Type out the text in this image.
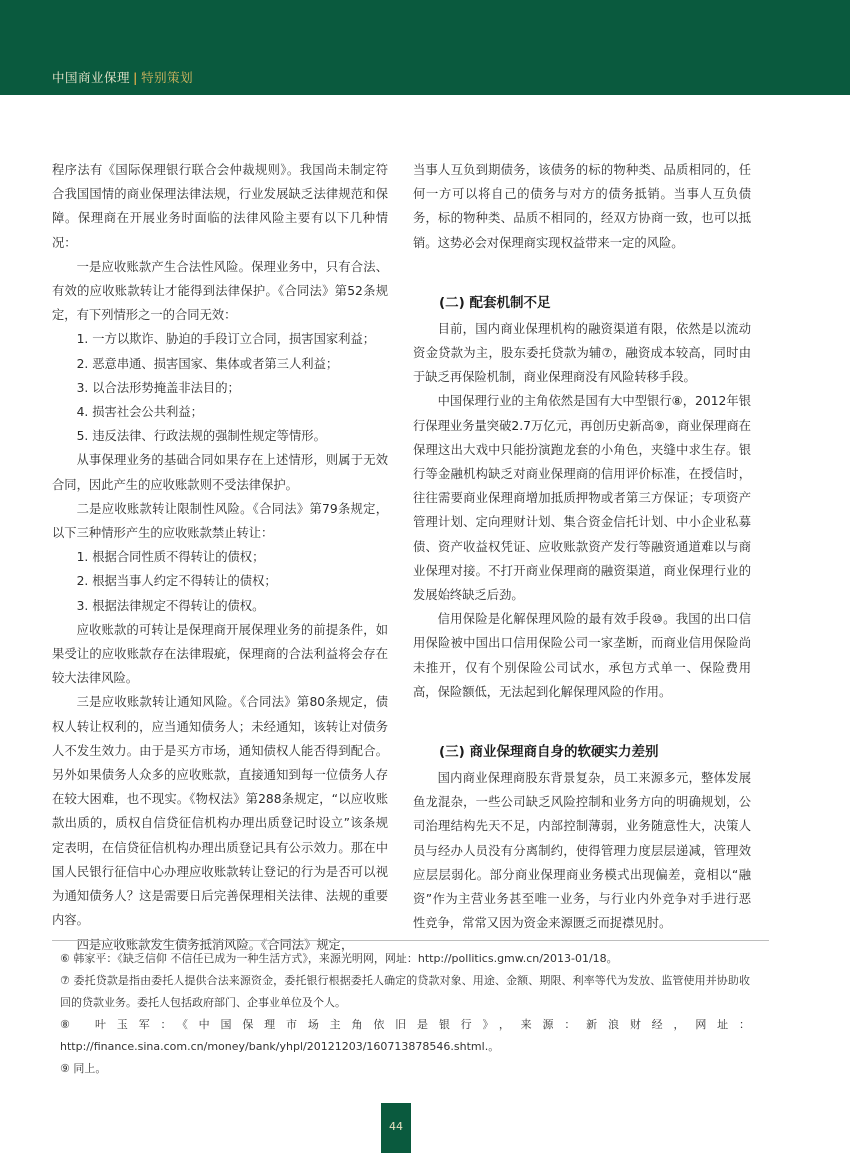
中国商业保理 | 特别策划

程序法有《国际保理银行联合会仲裁规则》。我国尚未制定符合我国国情的商业保理法律法规，行业发展缺乏法律规范和保障。保理商在开展业务时面临的法律风险主要有以下几种情况：

一是应收账款产生合法性风险。保理业务中，只有合法、有效的应收账款转让才能得到法律保护。《合同法》第52条规定，有下列情形之一的合同无效：

1. 一方以欺诈、胁迫的手段订立合同，损害国家利益；

2. 恶意串通、损害国家、集体或者第三人利益；

3. 以合法形势掩盖非法目的；

4. 损害社会公共利益；

5. 违反法律、行政法规的强制性规定等情形。

从事保理业务的基础合同如果存在上述情形，则属于无效合同，因此产生的应收账款则不受法律保护。

二是应收账款转让限制性风险。《合同法》第79条规定，以下三种情形产生的应收账款禁止转让：

1. 根据合同性质不得转让的债权；

2. 根据当事人约定不得转让的债权；

3. 根据法律规定不得转让的债权。

应收账款的可转让是保理商开展保理业务的前提条件，如果受让的应收账款存在法律瑕疵，保理商的合法利益将会存在较大法律风险。

三是应收账款转让通知风险。《合同法》第80条规定，债权人转让权利的，应当通知债务人；未经通知，该转让对债务人不发生效力。由于是买方市场，通知债权人能否得到配合。另外如果债务人众多的应收账款，直接通知到每一位债务人存在较大困难，也不现实。《物权法》第288条规定，“以应收账款出质的，质权自信贷征信机构办理出质登记时设立”该条规定表明，在信贷征信机构办理出质登记具有公示效力。那在中国人民银行征信中心办理应收账款转让登记的行为是否可以视为通知债务人？这是需要日后完善保理相关法律、法规的重要内容。

四是应收账款发生债务抵消风险。《合同法》规定，

当事人互负到期债务，该债务的标的物种类、品质相同的，任何一方可以将自己的债务与对方的债务抵销。当事人互负债务，标的物种类、品质不相同的，经双方协商一致，也可以抵销。这势必会对保理商实现权益带来一定的风险。

(二) 配套机制不足

目前，国内商业保理机构的融资渠道有限，依然是以流动资金贷款为主，股东委托贷款为辅⑦，融资成本较高，同时由于缺乏再保险机制，商业保理商没有风险转移手段。

中国保理行业的主角依然是国有大中型银行⑧，2012年银行保理业务量突破2.7万亿元，再创历史新高⑨，商业保理商在保理这出大戏中只能扮演跑龙套的小角色，夹缝中求生存。银行等金融机构缺乏对商业保理商的信用评价标准，在授信时，往往需要商业保理商增加抵质押物或者第三方保证；专项资产管理计划、定向理财计划、集合资金信托计划、中小企业私募债、资产收益权凭证、应收账款资产发行等融资通道难以与商业保理对接。不打开商业保理商的融资渠道，商业保理行业的发展始终缺乏后劲。

信用保险是化解保理风险的最有效手段⑩。我国的出口信用保险被中国出口信用保险公司一家垄断，而商业信用保险尚未推开，仅有个别保险公司试水，承包方式单一、保险费用高，保险额低，无法起到化解保理风险的作用。

(三) 商业保理商自身的软硬实力差别

国内商业保理商股东背景复杂，员工来源多元，整体发展鱼龙混杂，一些公司缺乏风险控制和业务方向的明确规划，公司治理结构先天不足，内部控制薄弱，业务随意性大，决策人员与经办人员没有分离制约，使得管理力度层层递减，管理效应层层弱化。部分商业保理商业务模式出现偏差，竟相以“融资”作为主营业务甚至唯一业务，与行业内外竞争对手进行恶性竞争，常常又因为资金来源匮乏而捉襟见肘。

⑥ 韩家平：《缺乏信仰 不信任已成为一种生活方式》，来源光明网，网址：http://pollitics.gmw.cn/2013-01/18。

⑦ 委托贷款是指由委托人提供合法来源资金，委托银行根据委托人确定的贷款对象、用途、金额、期限、利率等代为发放、监管使用并协助收回的贷款业务。委托人包括政府部门、企事业单位及个人。

⑧ 叶玉军：《中国保理市场主角依旧是银行》，来源：新浪财经，网址：http://finance.sina.com.cn/money/bank/yhpl/20121203/160713878546.shtml.。

⑨ 同上。

44
